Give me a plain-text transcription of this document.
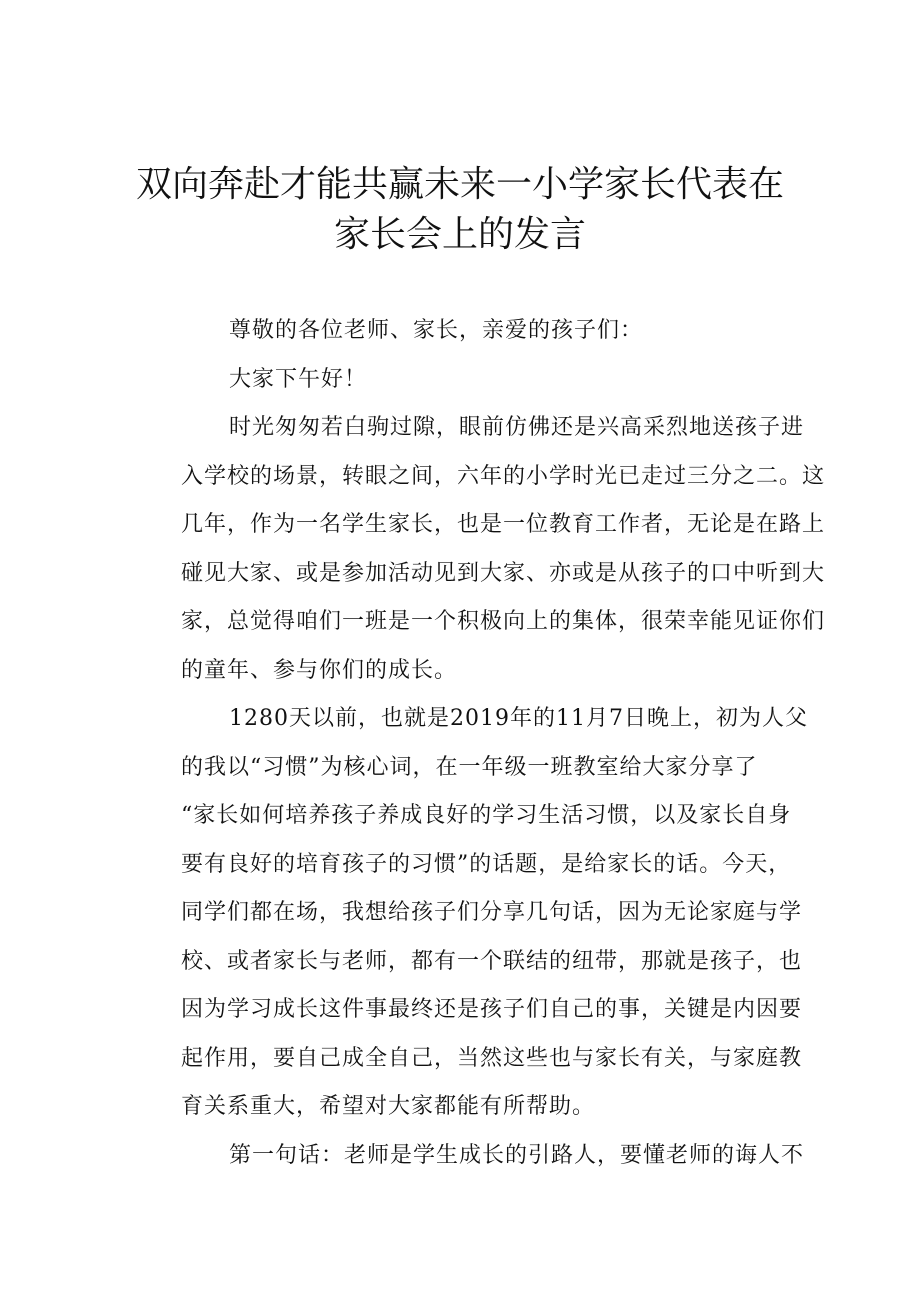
双向奔赴才能共赢未来一小学家长代表在
家长会上的发言

尊敬的各位老师、家长，亲爱的孩子们：

大家下午好！

时光匆匆若白驹过隙，眼前仿佛还是兴高采烈地送孩子进
入学校的场景，转眼之间，六年的小学时光已走过三分之二。这
几年，作为一名学生家长，也是一位教育工作者，无论是在路上
碰见大家、或是参加活动见到大家、亦或是从孩子的口中听到大
家，总觉得咱们一班是一个积极向上的集体，很荣幸能见证你们
的童年、参与你们的成长。

1280天以前，也就是2019年的11月7日晚上，初为人父
的我以“习惯”为核心词，在一年级一班教室给大家分享了
“家长如何培养孩子养成良好的学习生活习惯，以及家长自身
要有良好的培育孩子的习惯”的话题，是给家长的话。今天，
同学们都在场，我想给孩子们分享几句话，因为无论家庭与学
校、或者家长与老师，都有一个联结的纽带，那就是孩子，也
因为学习成长这件事最终还是孩子们自己的事，关键是内因要
起作用，要自己成全自己，当然这些也与家长有关，与家庭教
育关系重大，希望对大家都能有所帮助。

第一句话：老师是学生成长的引路人，要懂老师的诲人不
